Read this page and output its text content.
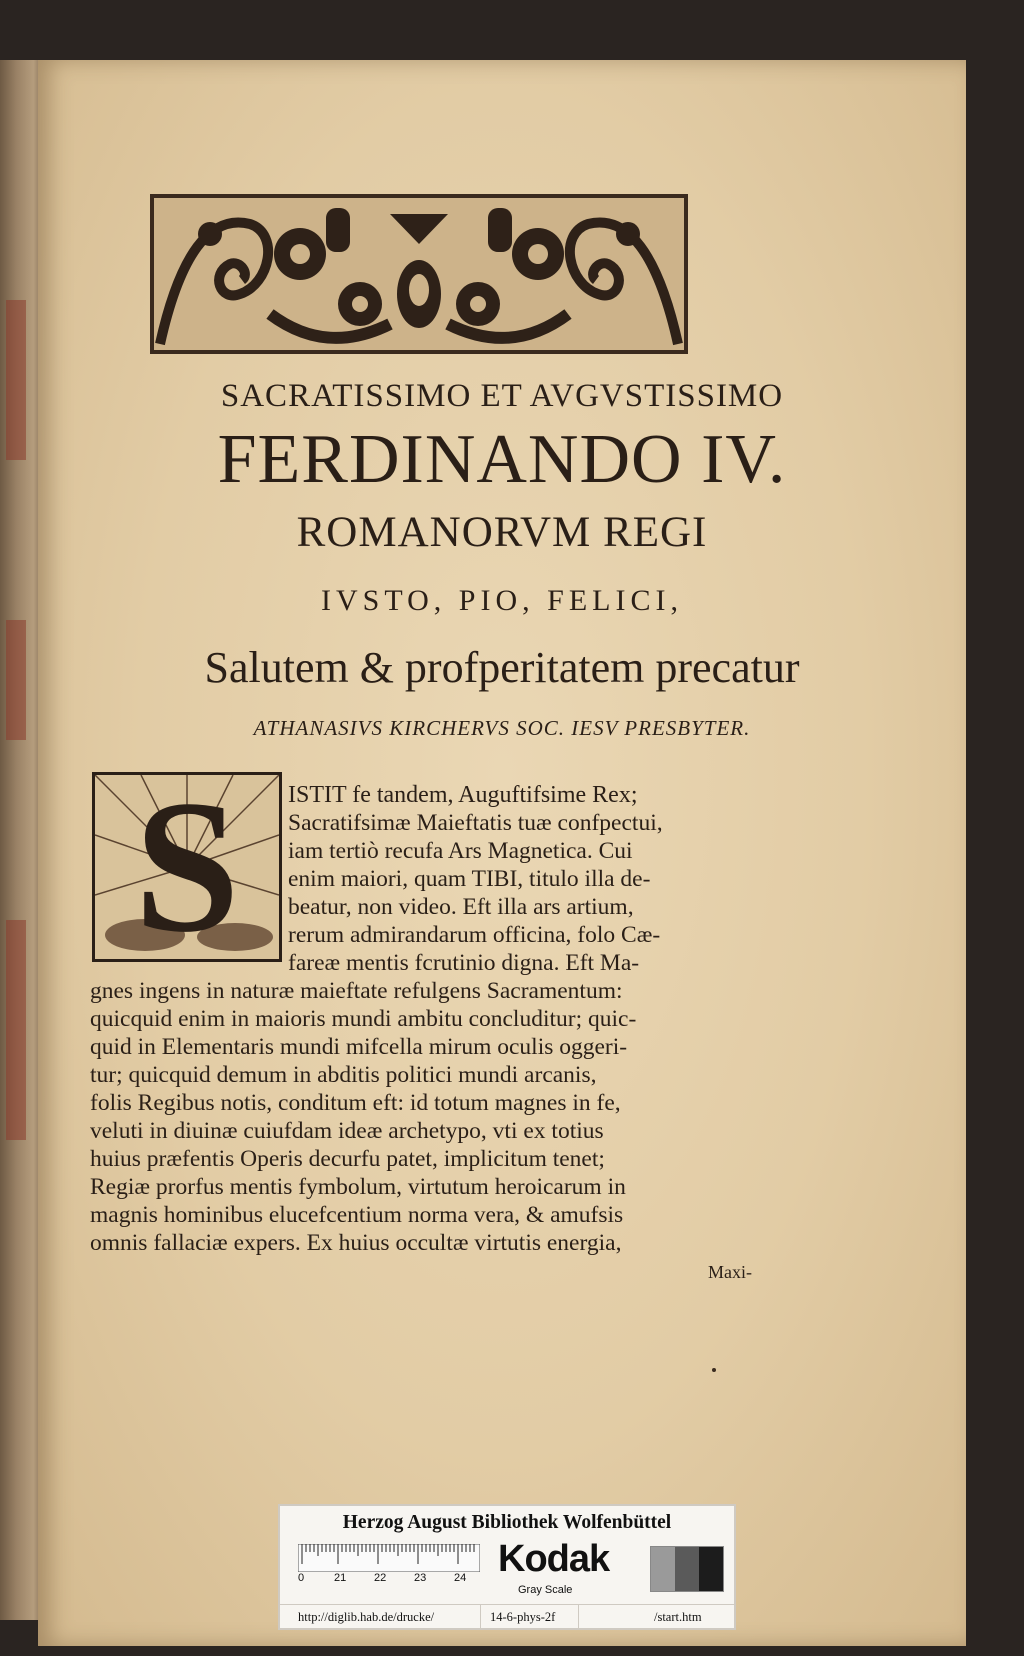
SACRATISSIMO ET AVGVSTISSIMO

FERDINANDO IV.

ROMANORVM REGI

IVSTO, PIO, FELICI,

Salutem & profperitatem precatur

ATHANASIVS KIRCHERVS SOC. IESV PRESBYTER.

S	ISTIT fe tandem, Auguftifsime Rex;

Sacratifsimæ Maieftatis tuæ confpectui,

iam tertiò recufa Ars Magnetica. Cui

enim maiori, quam TIBI, titulo illa de-

beatur, non video. Eft illa ars artium,

rerum admirandarum officina, folo Cæ-

fareæ mentis fcrutinio digna. Eft Ma-

gnes ingens in naturæ maieftate refulgens Sacramentum:

quicquid enim in maioris mundi ambitu concluditur; quic-

quid in Elementaris mundi mifcella mirum oculis oggeri-

tur; quicquid demum in abditis politici mundi arcanis,

folis Regibus notis, conditum eft: id totum magnes in fe,

veluti in diuinæ cuiufdam ideæ archetypo, vti ex totius

huius præfentis Operis decurfu patet, implicitum tenet;

Regiæ prorfus mentis fymbolum, virtutum heroicarum in

magnis hominibus elucefcentium norma vera, & amufsis

omnis fallaciæ expers. Ex huius occultæ virtutis energia,

Maxi-

Herzog August Bibliothek Wolfenbüttel

0	21	22	23	24 Kodak

Gray Scale

http://diglib.hab.de/drucke/	14-6-phys-2f	/start.htm
